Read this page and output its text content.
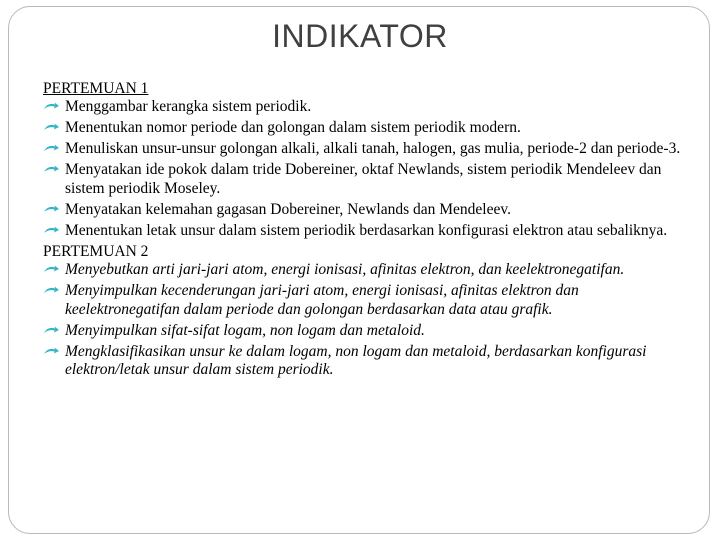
INDIKATOR

PERTEMUAN 1

Menggambar kerangka sistem periodik.
Menentukan nomor periode dan golongan dalam sistem periodik modern.
Menuliskan unsur-unsur golongan alkali, alkali tanah, halogen, gas mulia, periode-2 dan periode-3.
Menyatakan ide pokok dalam tride Dobereiner, oktaf Newlands, sistem periodik Mendeleev dan sistem periodik Moseley.
Menyatakan kelemahan gagasan Dobereiner, Newlands dan Mendeleev.
Menentukan letak unsur dalam sistem periodik berdasarkan konfigurasi elektron atau sebaliknya.

PERTEMUAN 2

Menyebutkan arti jari-jari atom, energi ionisasi, afinitas elektron, dan keelektronegatifan.
Menyimpulkan kecenderungan jari-jari atom, energi ionisasi, afinitas elektron dan keelektronegatifan dalam periode dan golongan berdasarkan data atau grafik.
Menyimpulkan sifat-sifat logam, non logam dan metaloid.
Mengklasifikasikan unsur ke dalam logam, non logam dan metaloid, berdasarkan konfigurasi elektron/letak unsur dalam sistem periodik.
